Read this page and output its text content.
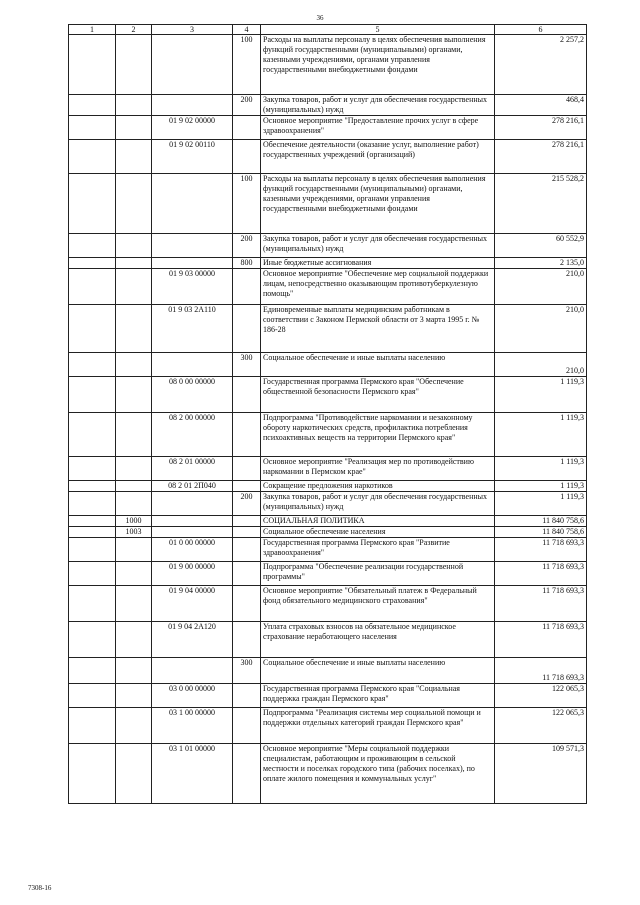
36
1	2	3	4	5	6
			100	Расходы на выплаты персоналу в целях обеспечения выполнения функций государственными (муниципальными) органами, казенными учреждениями, органами управления государственными внебюджетными фондами	2 257,2
			200	Закупка товаров, работ и услуг для обеспечения государственных (муниципальных) нужд	468,4
		01 9 02 00000		Основное мероприятие "Предоставление прочих услуг в сфере здравоохранения"	278 216,1
		01 9 02 00110		Обеспечение деятельности (оказание услуг, выполнение работ) государственных учреждений (организаций)	278 216,1
			100	Расходы на выплаты персоналу в целях обеспечения выполнения функций государственными (муниципальными) органами, казенными учреждениями, органами управления государственными внебюджетными фондами	215 528,2
			200	Закупка товаров, работ и услуг для обеспечения государственных (муниципальных) нужд	60 552,9
			800	Иные бюджетные ассигнования	2 135,0
		01 9 03 00000		Основное мероприятие "Обеспечение мер социальной поддержки лицам, непосредственно оказывающим противотуберкулезную помощь"	210,0
		01 9 03 2А110		Единовременные выплаты медицинским работникам в соответствии с Законом Пермской области от 3 марта 1995 г. № 186-28	210,0
			300	Социальное обеспечение и иные выплаты населению	210,0
		08 0 00 00000		Государственная программа Пермского края "Обеспечение общественной безопасности Пермского края"	1 119,3
		08 2 00 00000		Подпрограмма "Противодействие наркомании и незаконному обороту наркотических средств, профилактика потребления психоактивных веществ на территории Пермского края"	1 119,3
		08 2 01 00000		Основное мероприятие "Реализация мер по противодействию наркомании в Пермском крае"	1 119,3
		08 2 01 2П040		Сокращение предложения наркотиков	1 119,3
			200	Закупка товаров, работ и услуг для обеспечения государственных (муниципальных) нужд	1 119,3
	1000			СОЦИАЛЬНАЯ ПОЛИТИКА	11 840 758,6
	1003			Социальное обеспечение населения	11 840 758,6
		01 0 00 00000		Государственная программа Пермского края "Развитие здравоохранения"	11 718 693,3
		01 9 00 00000		Подпрограмма "Обеспечение реализации государственной программы"	11 718 693,3
		01 9 04 00000		Основное мероприятие "Обязательный платеж в Федеральный фонд обязательного медицинского страхования"	11 718 693,3
		01 9 04 2А120		Уплата страховых взносов на обязательное медицинское страхование неработающего населения	11 718 693,3
			300	Социальное обеспечение и иные выплаты населению	11 718 693,3
		03 0 00 00000		Государственная программа Пермского края "Социальная поддержка граждан Пермского края"	122 065,3
		03 1 00 00000		Подпрограмма "Реализация системы мер социальной помощи и поддержки отдельных категорий граждан Пермского края"	122 065,3
		03 1 01 00000		Основное мероприятие "Меры социальной поддержки специалистам, работающим и проживающим в сельской местности и поселках городского типа (рабочих поселках), по оплате жилого помещения и коммунальных услуг"	109 571,3
7308-16
